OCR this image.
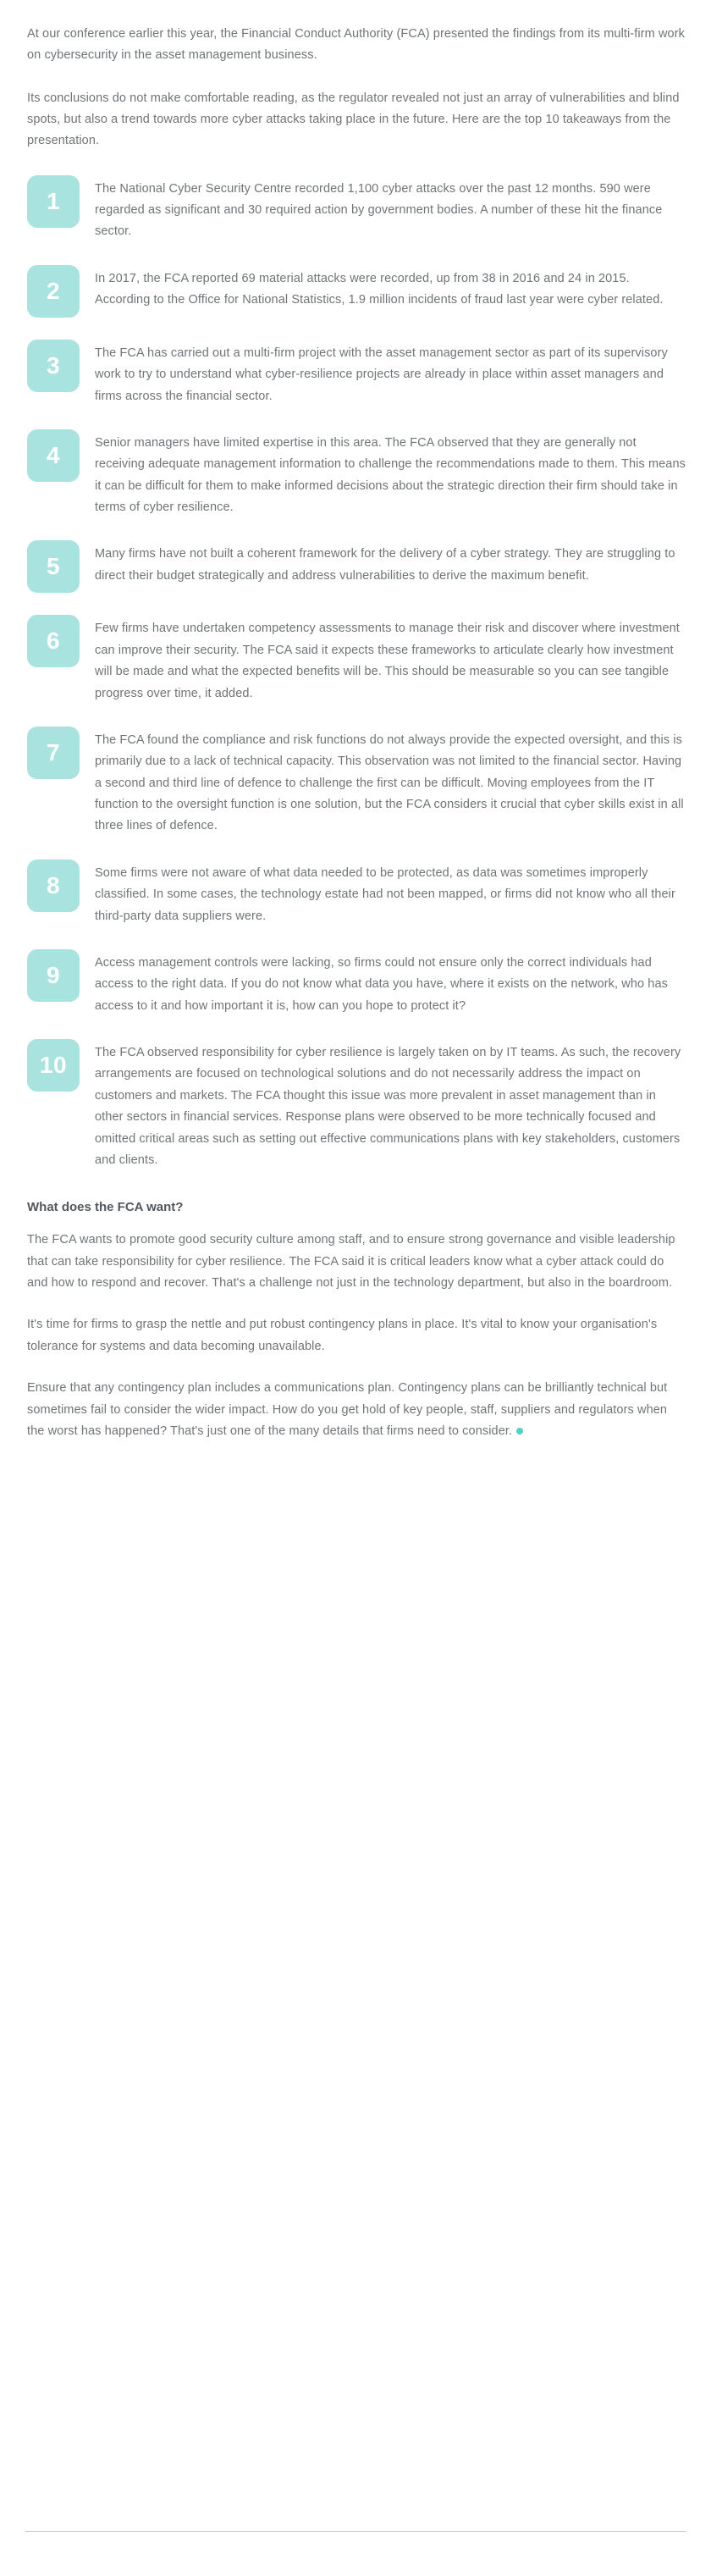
At our conference earlier this year, the Financial Conduct Authority (FCA) presented the findings from its multi-firm work on cybersecurity in the asset management business.

Its conclusions do not make comfortable reading, as the regulator revealed not just an array of vulnerabilities and blind spots, but also a trend towards more cyber attacks taking place in the future. Here are the top 10 takeaways from the presentation.

1	The National Cyber Security Centre recorded 1,100 cyber attacks over the past 12 months. 590 were regarded as significant and 30 required action by government bodies. A number of these hit the finance sector.
2	In 2017, the FCA reported 69 material attacks were recorded, up from 38 in 2016 and 24 in 2015. According to the Office for National Statistics, 1.9 million incidents of fraud last year were cyber related.
3	The FCA has carried out a multi-firm project with the asset management sector as part of its supervisory work to try to understand what cyber-resilience projects are already in place within asset managers and firms across the financial sector.
4	Senior managers have limited expertise in this area. The FCA observed that they are generally not receiving adequate management information to challenge the recommendations made to them. This means it can be difficult for them to make informed decisions about the strategic direction their firm should take in terms of cyber resilience.
5	Many firms have not built a coherent framework for the delivery of a cyber strategy. They are struggling to direct their budget strategically and address vulnerabilities to derive the maximum benefit.
6	Few firms have undertaken competency assessments to manage their risk and discover where investment can improve their security. The FCA said it expects these frameworks to articulate clearly how investment will be made and what the expected benefits will be. This should be measurable so you can see tangible progress over time, it added.
7	The FCA found the compliance and risk functions do not always provide the expected oversight, and this is primarily due to a lack of technical capacity. This observation was not limited to the financial sector. Having a second and third line of defence to challenge the first can be difficult. Moving employees from the IT function to the oversight function is one solution, but the FCA considers it crucial that cyber skills exist in all three lines of defence.
8	Some firms were not aware of what data needed to be protected, as data was sometimes improperly classified. In some cases, the technology estate had not been mapped, or firms did not know who all their third-party data suppliers were.
9	Access management controls were lacking, so firms could not ensure only the correct individuals had access to the right data. If you do not know what data you have, where it exists on the network, who has access to it and how important it is, how can you hope to protect it?
10	The FCA observed responsibility for cyber resilience is largely taken on by IT teams. As such, the recovery arrangements are focused on technological solutions and do not necessarily address the impact on customers and markets. The FCA thought this issue was more prevalent in asset management than in other sectors in financial services. Response plans were observed to be more technically focused and omitted critical areas such as setting out effective communications plans with key stakeholders, customers and clients.
What does the FCA want?

The FCA wants to promote good security culture among staff, and to ensure strong governance and visible leadership that can take responsibility for cyber resilience. The FCA said it is critical leaders know what a cyber attack could do and how to respond and recover. That's a challenge not just in the technology department, but also in the boardroom.

It's time for firms to grasp the nettle and put robust contingency plans in place. It's vital to know your organisation's tolerance for systems and data becoming unavailable.

Ensure that any contingency plan includes a communications plan. Contingency plans can be brilliantly technical but sometimes fail to consider the wider impact. How do you get hold of key people, staff, suppliers and regulators when the worst has happened? That's just one of the many details that firms need to consider.
